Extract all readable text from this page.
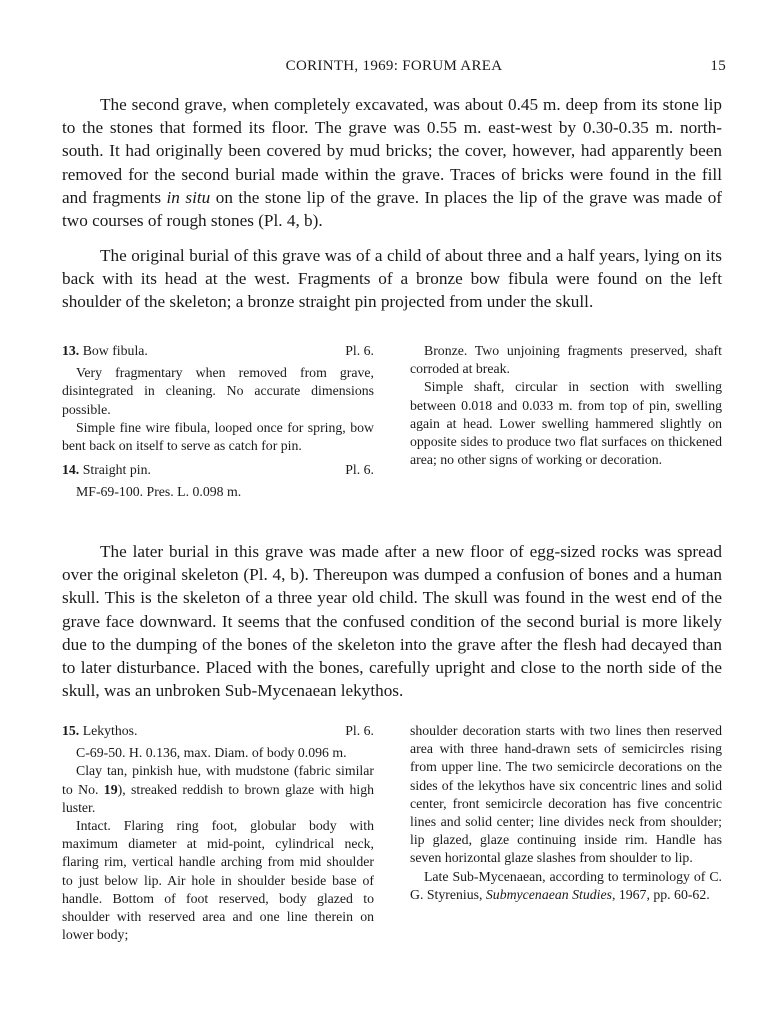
CORINTH, 1969: FORUM AREA	15

The second grave, when completely excavated, was about 0.45 m. deep from its stone lip to the stones that formed its floor. The grave was 0.55 m. east-west by 0.30-0.35 m. north-south. It had originally been covered by mud bricks; the cover, however, had apparently been removed for the second burial made within the grave. Traces of bricks were found in the fill and fragments in situ on the stone lip of the grave. In places the lip of the grave was made of two courses of rough stones (Pl. 4, b).

The original burial of this grave was of a child of about three and a half years, lying on its back with its head at the west. Fragments of a bronze bow fibula were found on the left shoulder of the skeleton; a bronze straight pin projected from under the skull.

13. Bow fibula.	Pl. 6.

Very fragmentary when removed from grave, disintegrated in cleaning. No accurate dimensions possible.

Simple fine wire fibula, looped once for spring, bow bent back on itself to serve as catch for pin.

14. Straight pin.	Pl. 6.

MF-69-100. Pres. L. 0.098 m.

Bronze. Two unjoining fragments preserved, shaft corroded at break.

Simple shaft, circular in section with swelling between 0.018 and 0.033 m. from top of pin, swelling again at head. Lower swelling hammered slightly on opposite sides to produce two flat surfaces on thickened area; no other signs of working or decoration.

The later burial in this grave was made after a new floor of egg-sized rocks was spread over the original skeleton (Pl. 4, b). Thereupon was dumped a confusion of bones and a human skull. This is the skeleton of a three year old child. The skull was found in the west end of the grave face downward. It seems that the confused condition of the second burial is more likely due to the dumping of the bones of the skeleton into the grave after the flesh had decayed than to later disturbance. Placed with the bones, carefully upright and close to the north side of the skull, was an unbroken Sub-Mycenaean lekythos.

15. Lekythos.	Pl. 6.

C-69-50. H. 0.136, max. Diam. of body 0.096 m.

Clay tan, pinkish hue, with mudstone (fabric similar to No. 19), streaked reddish to brown glaze with high luster.

Intact. Flaring ring foot, globular body with maximum diameter at mid-point, cylindrical neck, flaring rim, vertical handle arching from mid shoulder to just below lip. Air hole in shoulder beside base of handle. Bottom of foot reserved, body glazed to shoulder with reserved area and one line therein on lower body;

shoulder decoration starts with two lines then reserved area with three hand-drawn sets of semicircles rising from upper line. The two semicircle decorations on the sides of the lekythos have six concentric lines and solid center, front semicircle decoration has five concentric lines and solid center; line divides neck from shoulder; lip glazed, glaze continuing inside rim. Handle has seven horizontal glaze slashes from shoulder to lip.

Late Sub-Mycenaean, according to terminology of C. G. Styrenius, Submycenaean Studies, 1967, pp. 60-62.
